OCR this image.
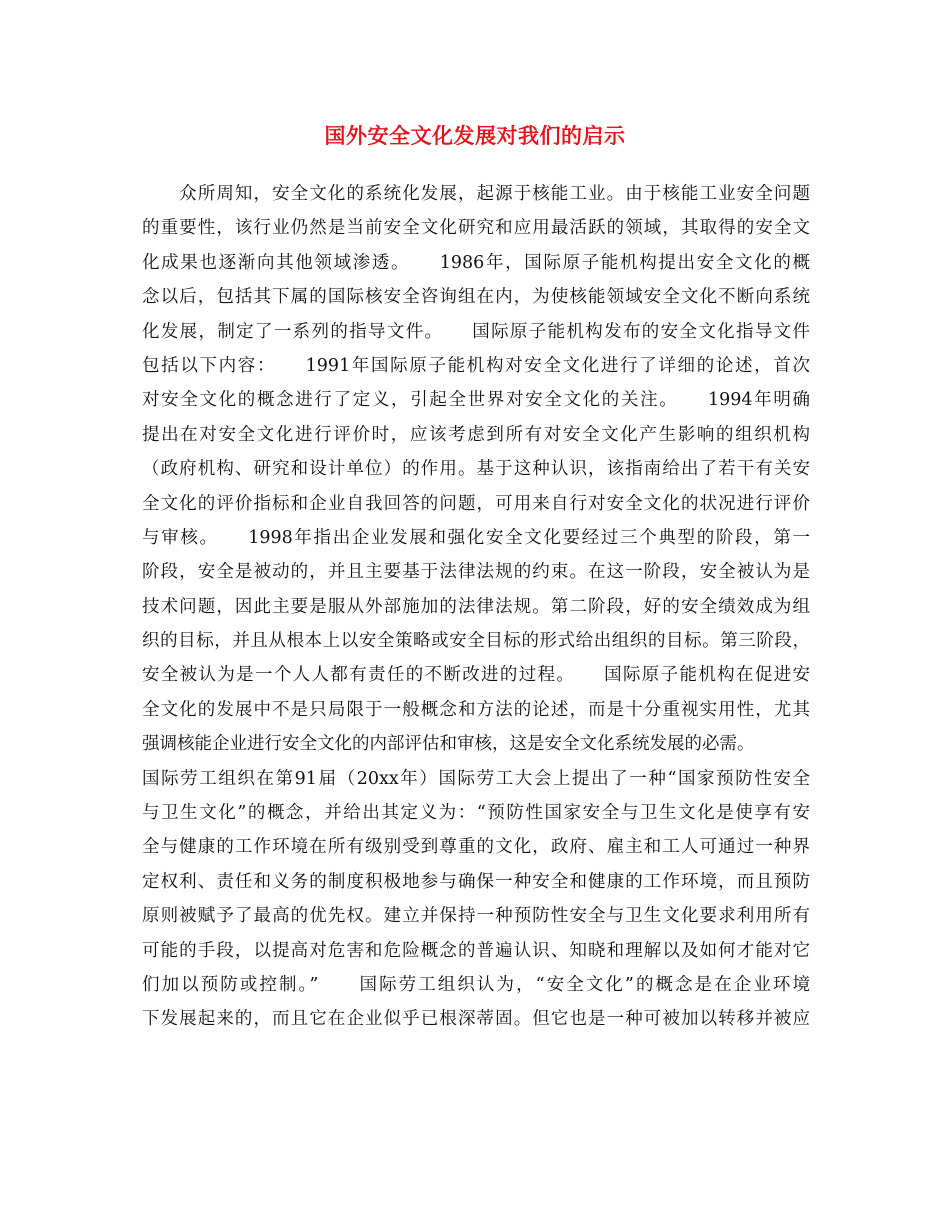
国外安全文化发展对我们的启示
　　众所周知，安全文化的系统化发展，起源于核能工业。由于核能工业安全问题
的重要性，该行业仍然是当前安全文化研究和应用最活跃的领域，其取得的安全文
化成果也逐渐向其他领域渗透。　　1986年，国际原子能机构提出安全文化的概
念以后，包括其下属的国际核安全咨询组在内，为使核能领域安全文化不断向系统
化发展，制定了一系列的指导文件。　　国际原子能机构发布的安全文化指导文件
包括以下内容：　　1991年国际原子能机构对安全文化进行了详细的论述，首次
对安全文化的概念进行了定义，引起全世界对安全文化的关注。　　1994年明确
提出在对安全文化进行评价时，应该考虑到所有对安全文化产生影响的组织机构
（政府机构、研究和设计单位）的作用。基于这种认识，该指南给出了若干有关安
全文化的评价指标和企业自我回答的问题，可用来自行对安全文化的状况进行评价
与审核。　　1998年指出企业发展和强化安全文化要经过三个典型的阶段，第一
阶段，安全是被动的，并且主要基于法律法规的约束。在这一阶段，安全被认为是
技术问题，因此主要是服从外部施加的法律法规。第二阶段，好的安全绩效成为组
织的目标，并且从根本上以安全策略或安全目标的形式给出组织的目标。第三阶段，
安全被认为是一个人人都有责任的不断改进的过程。　　国际原子能机构在促进安
全文化的发展中不是只局限于一般概念和方法的论述，而是十分重视实用性，尤其
强调核能企业进行安全文化的内部评估和审核，这是安全文化系统发展的必需。
国际劳工组织在第91届（20xx年）国际劳工大会上提出了一种“国家预防性安全
与卫生文化”的概念，并给出其定义为：“预防性国家安全与卫生文化是使享有安
全与健康的工作环境在所有级别受到尊重的文化，政府、雇主和工人可通过一种界
定权利、责任和义务的制度积极地参与确保一种安全和健康的工作环境，而且预防
原则被赋予了最高的优先权。建立并保持一种预防性安全与卫生文化要求利用所有
可能的手段，以提高对危害和危险概念的普遍认识、知晓和理解以及如何才能对它
们加以预防或控制。”　　国际劳工组织认为，“安全文化”的概念是在企业环境
下发展起来的，而且它在企业似乎已根深蒂固。但它也是一种可被加以转移并被应
